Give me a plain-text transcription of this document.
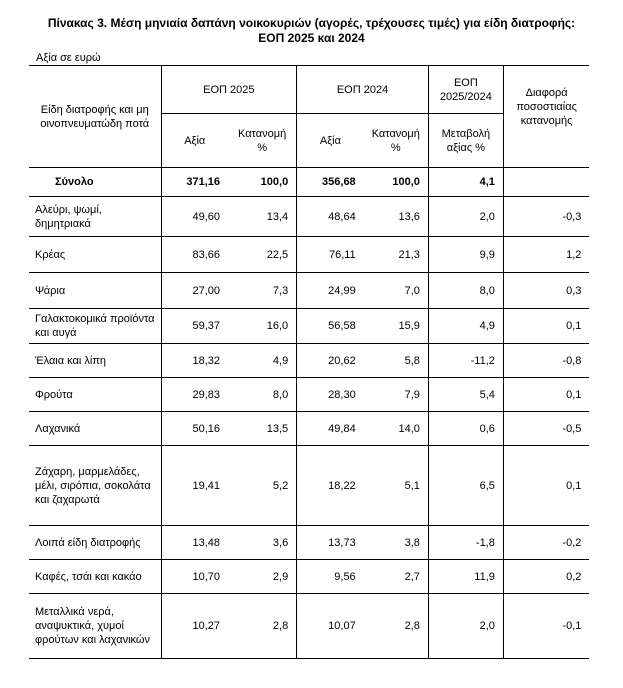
Πίνακας 3. Μέση μηνιαία δαπάνη νοικοκυριών (αγορές, τρέχουσες τιμές) για είδη διατροφής:
ΕΟΠ 2025 και 2024
Αξία σε ευρώ
Είδη διατροφής και μη οινοπνευματώδη ποτά	ΕΟΠ 2025		ΕΟΠ 2024		ΕΟΠ 2025/2024	Διαφορά ποσοστιαίας κατανομής
	Αξία	Κατανομή %	Αξία	Κατανομή %	Μεταβολή αξίας %	
Σύνολο	371,16	100,0	356,68	100,0	4,1	
Αλεύρι, ψωμί, δημητριακά	49,60	13,4	48,64	13,6	2,0	-0,3
Κρέας	83,66	22,5	76,11	21,3	9,9	1,2
Ψάρια	27,00	7,3	24,99	7,0	8,0	0,3
Γαλακτοκομικά προϊόντα και αυγά	59,37	16,0	56,58	15,9	4,9	0,1
Έλαια και λίπη	18,32	4,9	20,62	5,8	-11,2	-0,8
Φρούτα	29,83	8,0	28,30	7,9	5,4	0,1
Λαχανικά	50,16	13,5	49,84	14,0	0,6	-0,5
Ζάχαρη, μαρμελάδες, μέλι, σιρόπια, σοκολάτα και ζαχαρωτά	19,41	5,2	18,22	5,1	6,5	0,1
Λοιπά είδη διατροφής	13,48	3,6	13,73	3,8	-1,8	-0,2
Καφές, τσάι και κακάο	10,70	2,9	9,56	2,7	11,9	0,2
Μεταλλικά νερά, αναψυκτικά, χυμοί φρούτων και λαχανικών	10,27	2,8	10,07	2,8	2,0	-0,1
